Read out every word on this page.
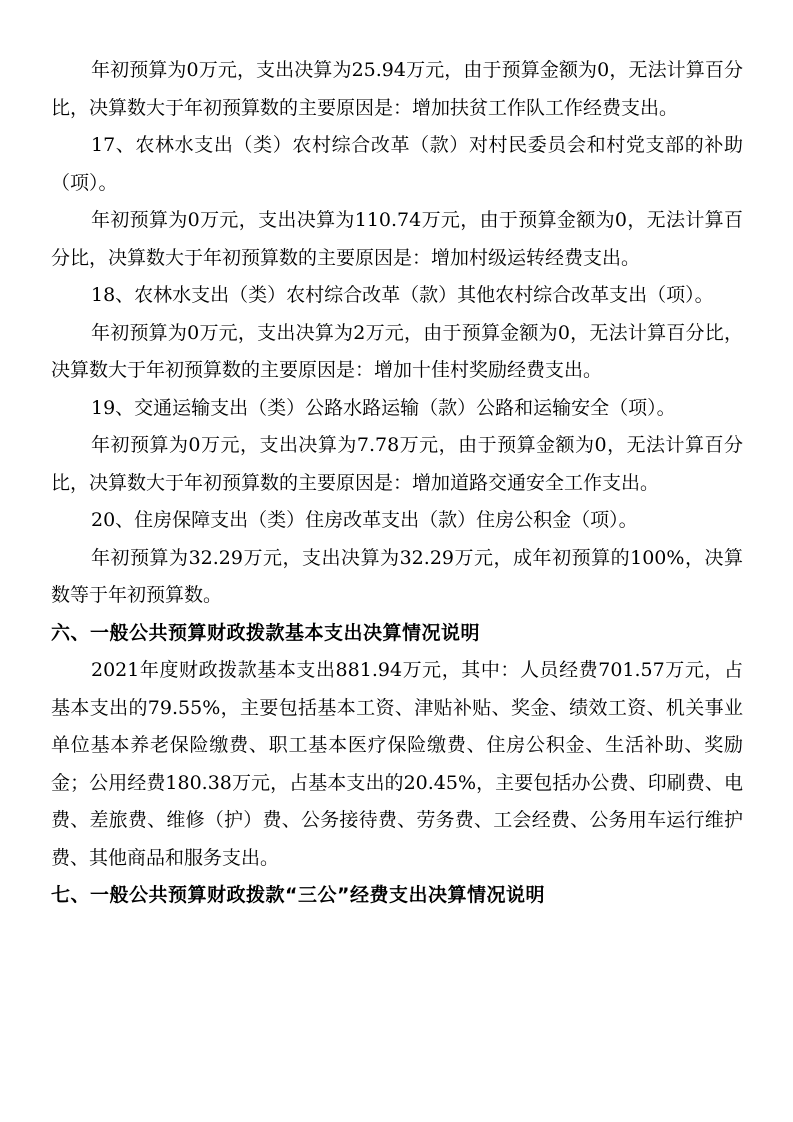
年初预算为0万元，支出决算为25.94万元，由于预算金额为0，无法计算百分比，决算数大于年初预算数的主要原因是：增加扶贫工作队工作经费支出。

17、农林水支出（类）农村综合改革（款）对村民委员会和村党支部的补助（项）。

年初预算为0万元，支出决算为110.74万元，由于预算金额为0，无法计算百分比，决算数大于年初预算数的主要原因是：增加村级运转经费支出。

18、农林水支出（类）农村综合改革（款）其他农村综合改革支出（项）。

年初预算为0万元，支出决算为2万元，由于预算金额为0，无法计算百分比，决算数大于年初预算数的主要原因是：增加十佳村奖励经费支出。

19、交通运输支出（类）公路水路运输（款）公路和运输安全（项）。

年初预算为0万元，支出决算为7.78万元，由于预算金额为0，无法计算百分比，决算数大于年初预算数的主要原因是：增加道路交通安全工作支出。

20、住房保障支出（类）住房改革支出（款）住房公积金（项）。

年初预算为32.29万元，支出决算为32.29万元，成年初预算的100%，决算数等于年初预算数。

六、一般公共预算财政拨款基本支出决算情况说明

2021年度财政拨款基本支出881.94万元，其中：人员经费701.57万元，占基本支出的79.55%，主要包括基本工资、津贴补贴、奖金、绩效工资、机关事业单位基本养老保险缴费、职工基本医疗保险缴费、住房公积金、生活补助、奖励金；公用经费180.38万元，占基本支出的20.45%，主要包括办公费、印刷费、电费、差旅费、维修（护）费、公务接待费、劳务费、工会经费、公务用车运行维护费、其他商品和服务支出。

七、一般公共预算财政拨款“三公”经费支出决算情况说明
